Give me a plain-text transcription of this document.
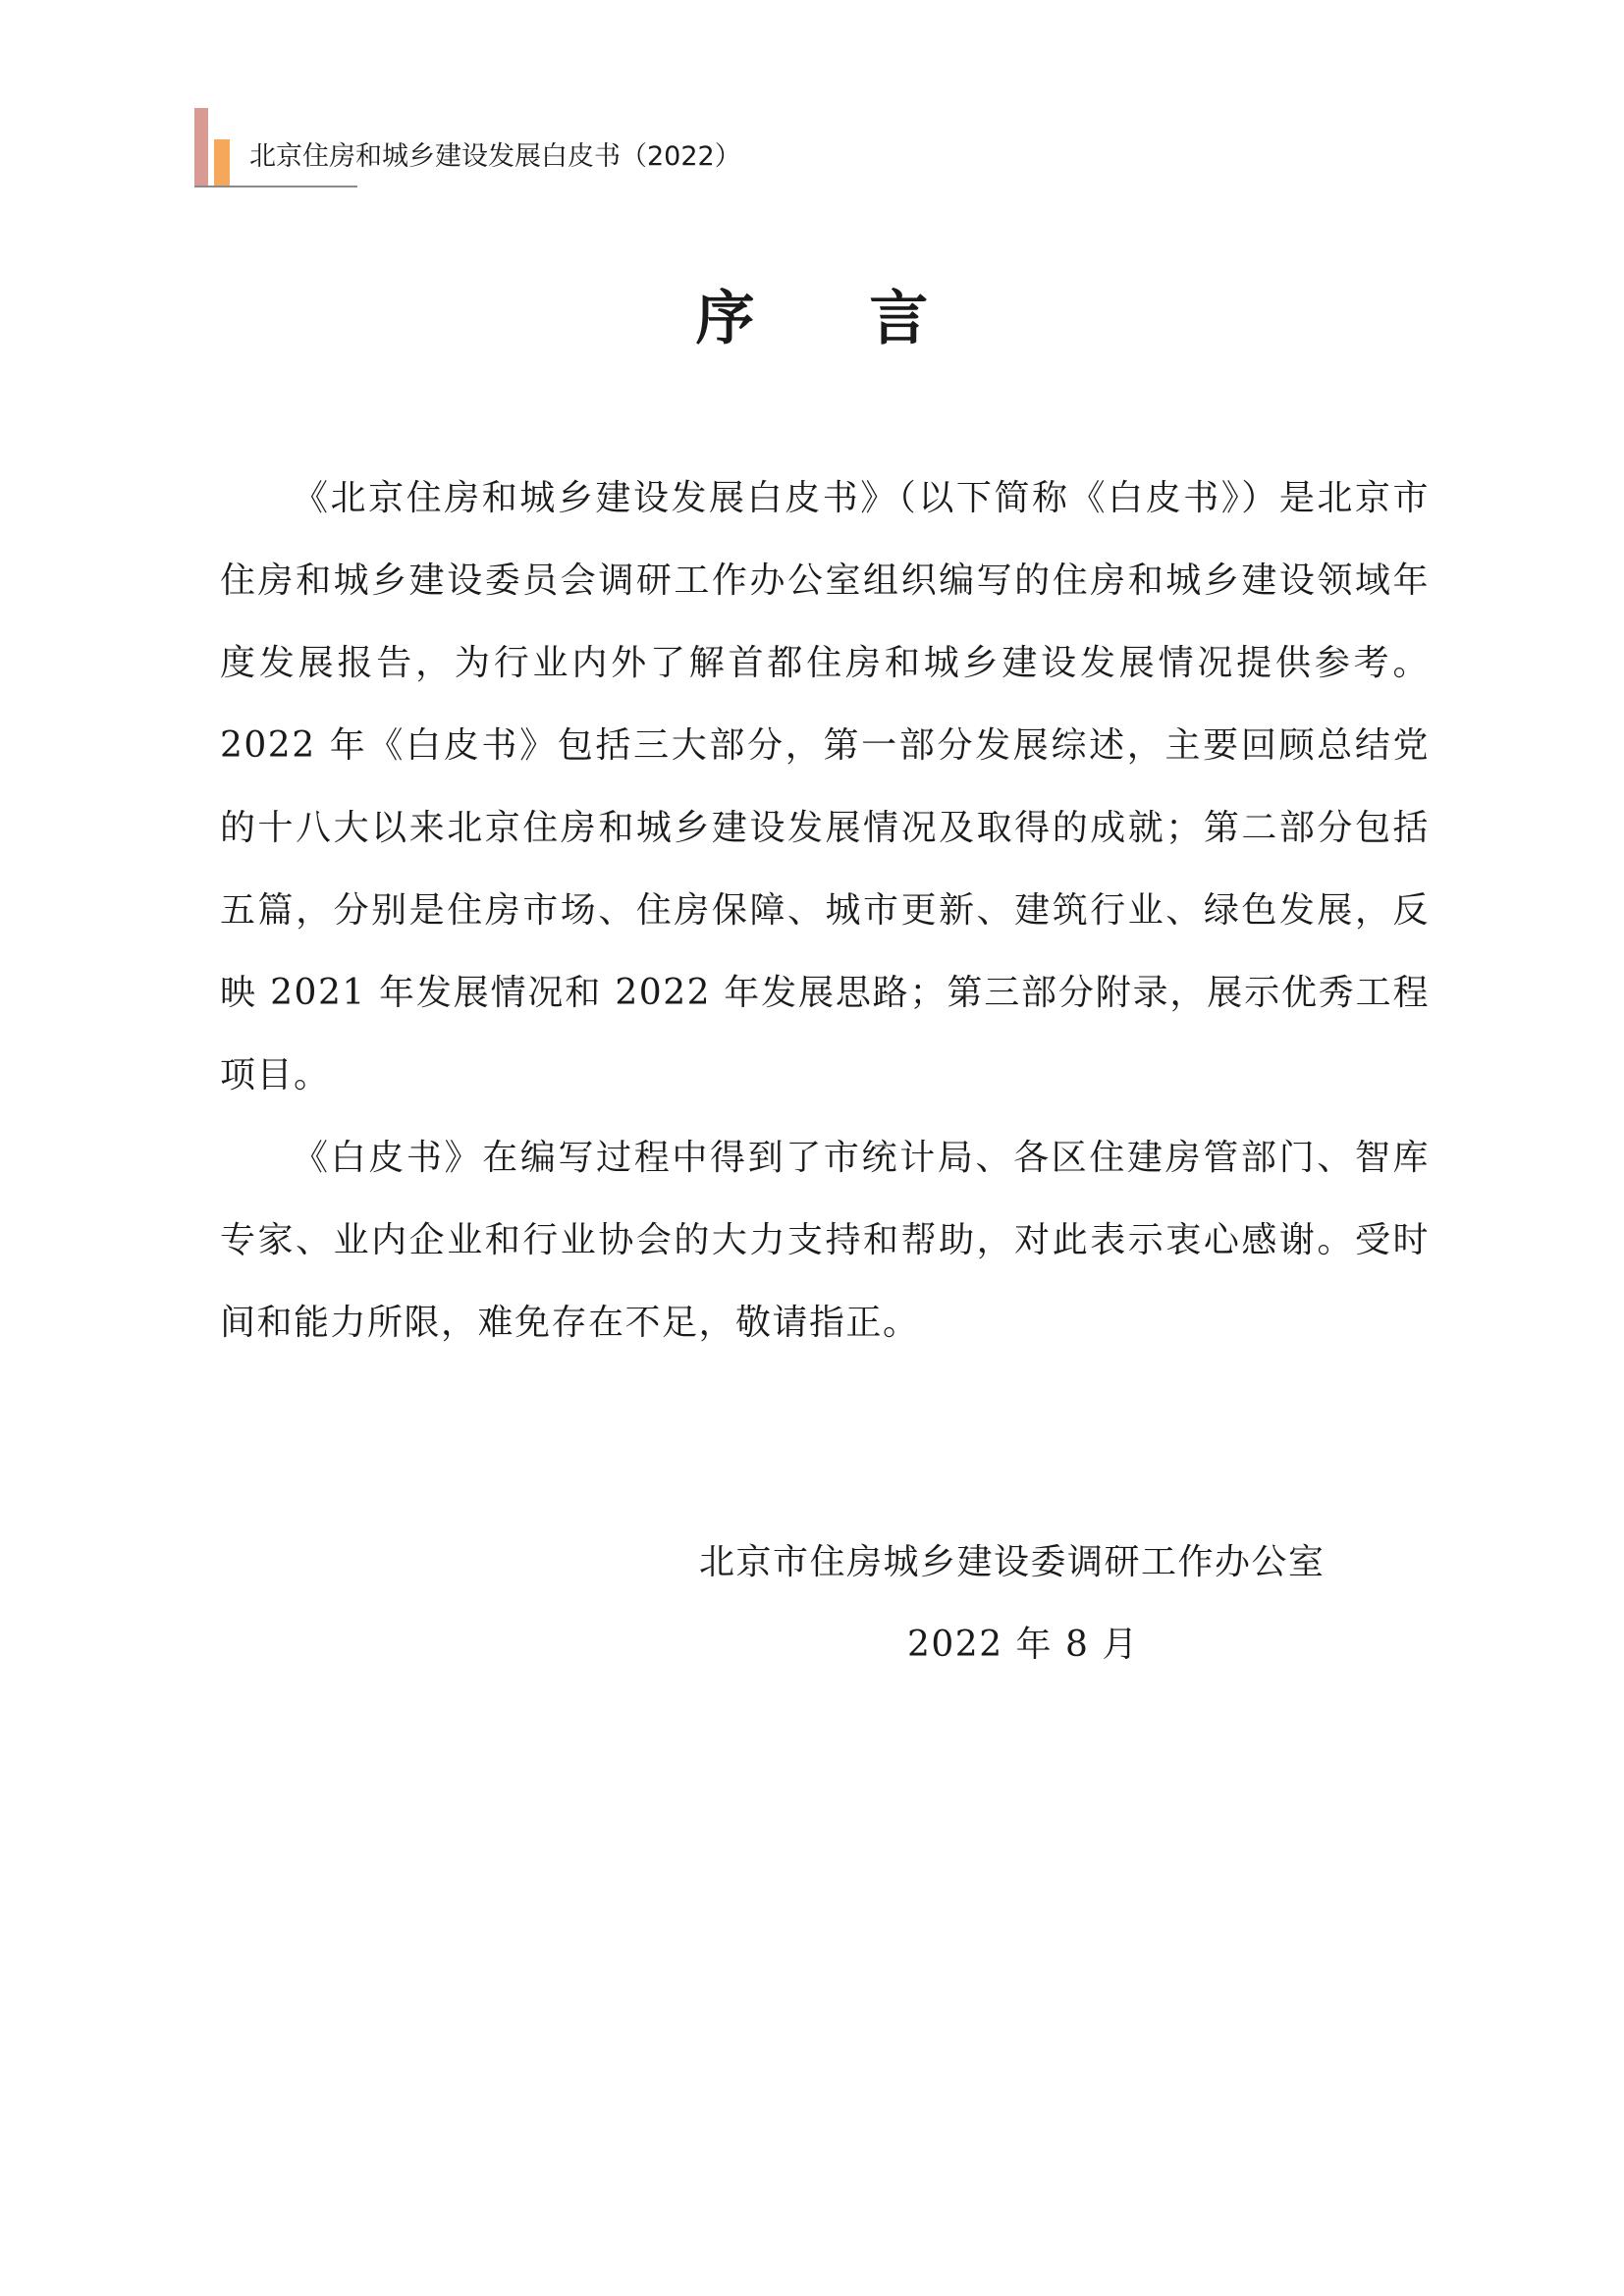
北京住房和城乡建设发展白皮书（2022）
序 言

《北京住房和城乡建设发展白皮书》（以下简称《白皮书》）是北京市住房和城乡建设委员会调研工作办公室组织编写的住房和城乡建设领域年度发展报告，为行业内外了解首都住房和城乡建设发展情况提供参考。2022 年《白皮书》包括三大部分，第一部分发展综述，主要回顾总结党的十八大以来北京住房和城乡建设发展情况及取得的成就；第二部分包括五篇，分别是住房市场、住房保障、城市更新、建筑行业、绿色发展，反映 2021 年发展情况和 2022 年发展思路；第三部分附录，展示优秀工程项目。

《白皮书》在编写过程中得到了市统计局、各区住建房管部门、智库专家、业内企业和行业协会的大力支持和帮助，对此表示衷心感谢。受时间和能力所限，难免存在不足，敬请指正。

北京市住房城乡建设委调研工作办公室
2022 年 8 月
